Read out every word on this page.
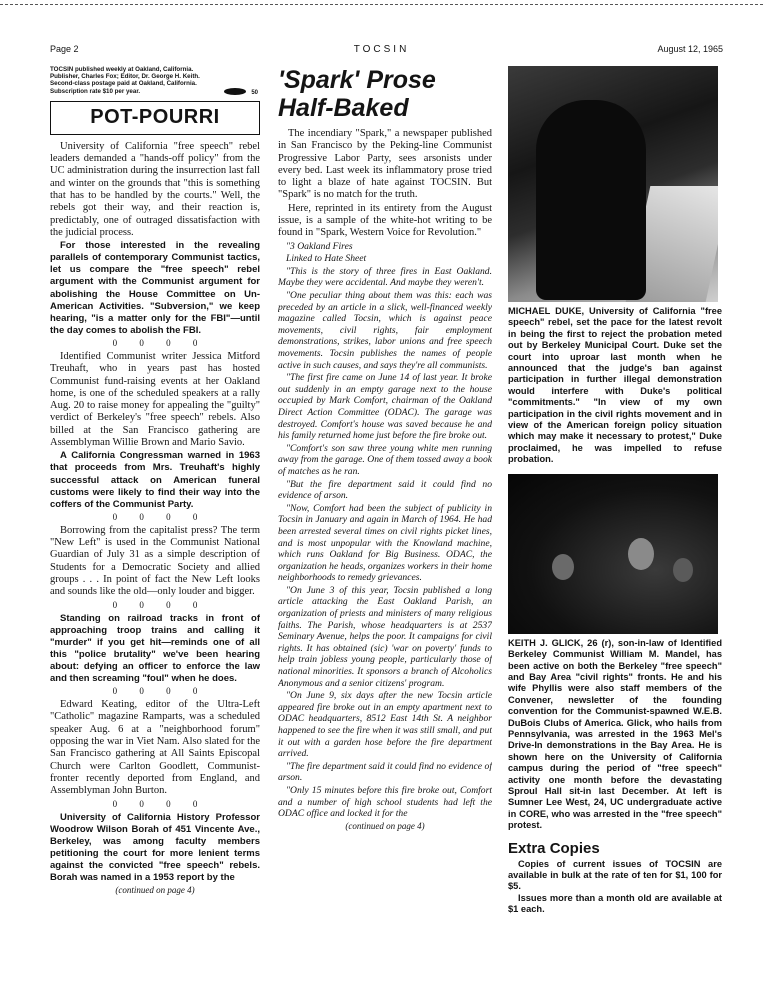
Page 2	TOCSIN	August 12, 1965

TOCSIN published weekly at Oakland, California.

Publisher, Charles Fox; Editor, Dr. George H. Keith.

Second-class postage paid at Oakland, California.

Subscription rate $10 per year.	50
POT-POURRI

University of California "free speech" rebel leaders demanded a "hands-off policy" from the UC administration during the insurrection last fall and winter on the grounds that "this is something that has to be handled by the courts." Well, the rebels got their way, and their reaction is, predictably, one of outraged dissatisfaction with the judicial process.

For those interested in the revealing parallels of contemporary Communist tactics, let us compare the "free speech" rebel argument with the Communist argument for abolishing the House Committee on Un-American Activities. "Subversion," we keep hearing, "is a matter only for the FBI"—until the day comes to abolish the FBI.

0 0 0 0

Identified Communist writer Jessica Mitford Treuhaft, who in years past has hosted Communist fund-raising events at her Oakland home, is one of the scheduled speakers at a rally Aug. 20 to raise money for appealing the "guilty" verdict of Berkeley's "free speech" rebels. Also billed at the San Francisco gathering are Assemblyman Willie Brown and Mario Savio.

A California Congressman warned in 1963 that proceeds from Mrs. Treuhaft's highly successful attack on American funeral customs were likely to find their way into the coffers of the Communist Party.

0 0 0 0

Borrowing from the capitalist press? The term "New Left" is used in the Communist National Guardian of July 31 as a simple description of Students for a Democratic Society and allied groups . . . In point of fact the New Left looks and sounds like the old—only louder and bigger.

0 0 0 0

Standing on railroad tracks in front of approaching troop trains and calling it "murder" if you get hit—reminds one of all this "police brutality" we've been hearing about: defying an officer to enforce the law and then screaming "foul" when he does.

0 0 0 0

Edward Keating, editor of the Ultra-Left "Catholic" magazine Ramparts, was a scheduled speaker Aug. 6 at a "neighborhood forum" opposing the war in Viet Nam. Also slated for the San Francisco gathering at All Saints Episcopal Church were Carlton Goodlett, Communist-fronter recently deported from England, and Assemblyman John Burton.

0 0 0 0

University of California History Professor Woodrow Wilson Borah of 451 Vincente Ave., Berkeley, was among faculty members petitioning the court for more lenient terms against the convicted "free speech" rebels. Borah was named in a 1953 report by the

(continued on page 4)
'Spark' Prose
Half-Baked

The incendiary "Spark," a newspaper published in San Francisco by the Peking-line Communist Progressive Labor Party, sees arsonists under every bed. Last week its inflammatory prose tried to light a blaze of hate against TOCSIN. But "Spark" is no match for the truth.

Here, reprinted in its entirety from the August issue, is a sample of the white-hot writing to be found in "Spark, Western Voice for Revolution."

"3 Oakland Fires

Linked to Hate Sheet

"This is the story of three fires in East Oakland. Maybe they were accidental. And maybe they weren't.

"One peculiar thing about them was this: each was preceded by an article in a slick, well-financed weekly magazine called Tocsin, which is against peace movements, civil rights, fair employment demonstrations, strikes, labor unions and free speech movements. Tocsin publishes the names of people active in such causes, and says they're all communists.

"The first fire came on June 14 of last year. It broke out suddenly in an empty garage next to the house occupied by Mark Comfort, chairman of the Oakland Direct Action Committee (ODAC). The garage was destroyed. Comfort's house was saved because he and his family returned home just before the fire broke out.

"Comfort's son saw three young white men running away from the garage. One of them tossed away a book of matches as he ran.

"But the fire department said it could find no evidence of arson.

"Now, Comfort had been the subject of publicity in Tocsin in January and again in March of 1964. He had been arrested several times on civil rights picket lines, and is most unpopular with the Knowland machine, which runs Oakland for Big Business. ODAC, the organization he heads, organizes workers in their home neighborhoods to remedy grievances.

"On June 3 of this year, Tocsin published a long article attacking the East Oakland Parish, an organization of priests and ministers of many religious faiths. The Parish, whose headquarters is at 2537 Seminary Avenue, helps the poor. It campaigns for civil rights. It has obtained (sic) 'war on poverty' funds to help train jobless young people, particularly those of national minorities. It sponsors a branch of Alcoholics Anonymous and a senior citizens' program.

"On June 9, six days after the new Tocsin article appeared fire broke out in an empty apartment next to ODAC headquarters, 8512 East 14th St. A neighbor happened to see the fire when it was still small, and put it out with a garden hose before the fire department arrived.

"The fire department said it could find no evidence of arson.

"Only 15 minutes before this fire broke out, Comfort and a number of high school students had left the ODAC office and locked it for the

(continued on page 4)

MICHAEL DUKE, University of California "free speech" rebel, set the pace for the latest revolt in being the first to reject the probation meted out by Berkeley Municipal Court. Duke set the court into uproar last month when he announced that the judge's ban against participation in further illegal demonstration would interfere with Duke's political "commitments." "In view of my own participation in the civil rights movement and in view of the American foreign policy situation which may make it necessary to protest," Duke proclaimed, he was impelled to refuse probation.

KEITH J. GLICK, 26 (r), son-in-law of Identified Berkeley Communist William M. Mandel, has been active on both the Berkeley "free speech" and Bay Area "civil rights" fronts. He and his wife Phyllis were also staff members of the Convener, newsletter of the founding convention for the Communist-spawned W.E.B. DuBois Clubs of America. Glick, who hails from Pennsylvania, was arrested in the 1963 Mel's Drive-In demonstrations in the Bay Area. He is shown here on the University of California campus during the period of "free speech" activity one month before the devastating Sproul Hall sit-in last December. At left is Sumner Lee West, 24, UC undergraduate active in CORE, who was arrested in the "free speech" protest.

Extra Copies

Copies of current issues of TOCSIN are available in bulk at the rate of ten for $1, 100 for $5.

Issues more than a month old are available at $1 each.
